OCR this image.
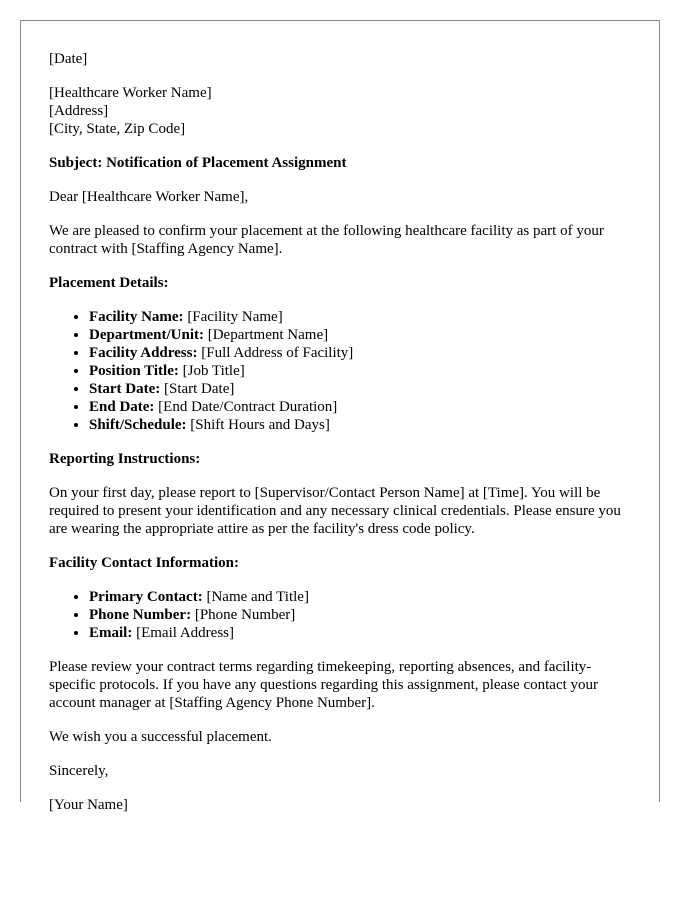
[Date]

[Healthcare Worker Name]
[Address]
[City, State, Zip Code]

Subject: Notification of Placement Assignment

Dear [Healthcare Worker Name],

We are pleased to confirm your placement at the following healthcare facility as part of your contract with [Staffing Agency Name].

Placement Details:

• Facility Name: [Facility Name]
• Department/Unit: [Department Name]
• Facility Address: [Full Address of Facility]
• Position Title: [Job Title]
• Start Date: [Start Date]
• End Date: [End Date/Contract Duration]
• Shift/Schedule: [Shift Hours and Days]

Reporting Instructions:

On your first day, please report to [Supervisor/Contact Person Name] at [Time]. You will be required to present your identification and any necessary clinical credentials. Please ensure you are wearing the appropriate attire as per the facility's dress code policy.

Facility Contact Information:

• Primary Contact: [Name and Title]
• Phone Number: [Phone Number]
• Email: [Email Address]

Please review your contract terms regarding timekeeping, reporting absences, and facility-specific protocols. If you have any questions regarding this assignment, please contact your account manager at [Staffing Agency Phone Number].

We wish you a successful placement.

Sincerely,

[Your Name]
